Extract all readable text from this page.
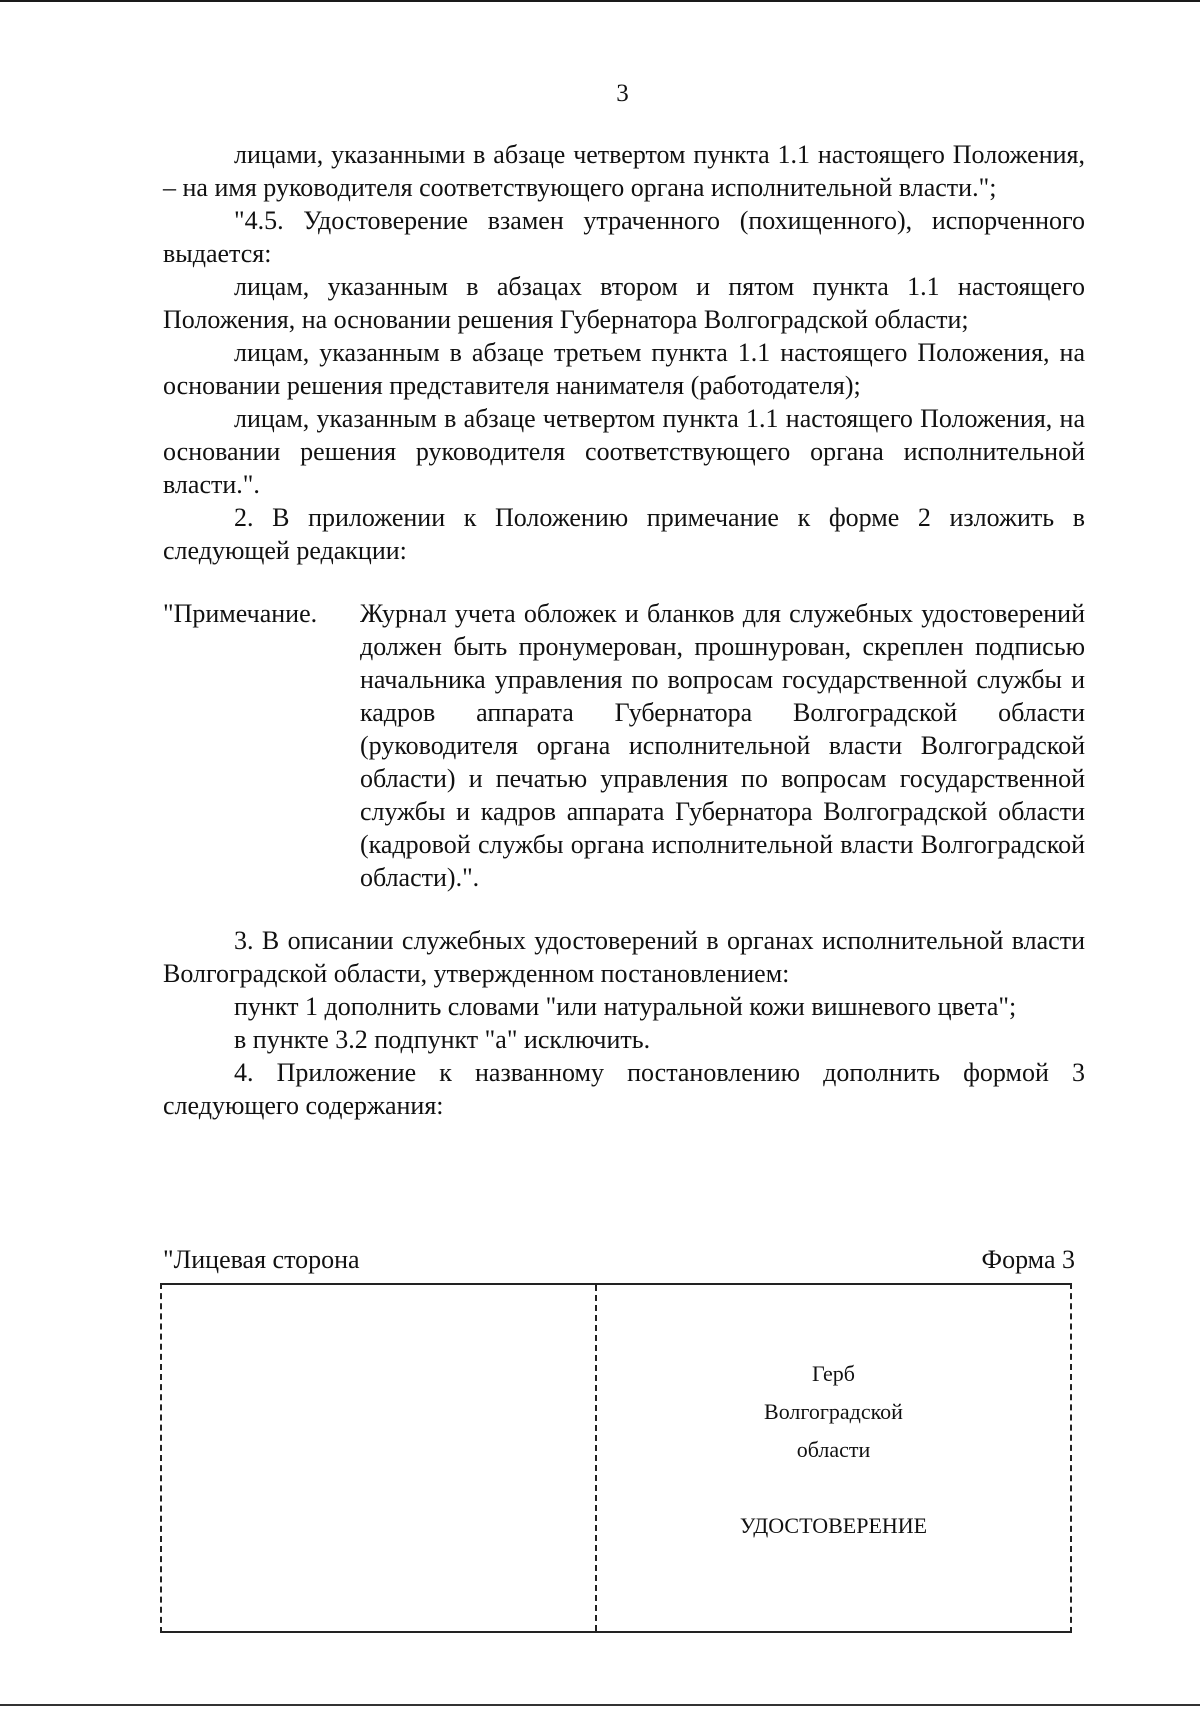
3

лицами, указанными в абзаце четвертом пункта 1.1 настоящего Положения, – на имя руководителя соответствующего органа исполнительной власти.";

"4.5. Удостоверение взамен утраченного (похищенного), испорченного выдается:

лицам, указанным в абзацах втором и пятом пункта 1.1 настоящего Положения, на основании решения Губернатора Волгоградской области;

лицам, указанным в абзаце третьем пункта 1.1 настоящего Положения, на основании решения представителя нанимателя (работодателя);

лицам, указанным в абзаце четвертом пункта 1.1 настоящего Положения, на основании решения руководителя соответствующего органа исполнительной власти.".

2. В приложении к Положению примечание к форме 2 изложить в следующей редакции:

"Примечание. Журнал учета обложек и бланков для служебных удостоверений должен быть пронумерован, прошнурован, скреплен подписью начальника управления по вопросам государственной службы и кадров аппарата Губернатора Волгоградской области (руководителя органа исполнительной власти Волгоградской области) и печатью управления по вопросам государственной службы и кадров аппарата Губернатора Волгоградской области (кадровой службы органа исполнительной власти Волгоградской области).".

3. В описании служебных удостоверений в органах исполнительной власти Волгоградской области, утвержденном постановлением:

пункт 1 дополнить словами "или натуральной кожи вишневого цвета";

в пункте 3.2 подпункт "а" исключить.

4. Приложение к названному постановлению дополнить формой 3 следующего содержания:

"Лицевая сторона	Форма 3
Герб
Волгоградской
области
УДОСТОВЕРЕНИЕ
